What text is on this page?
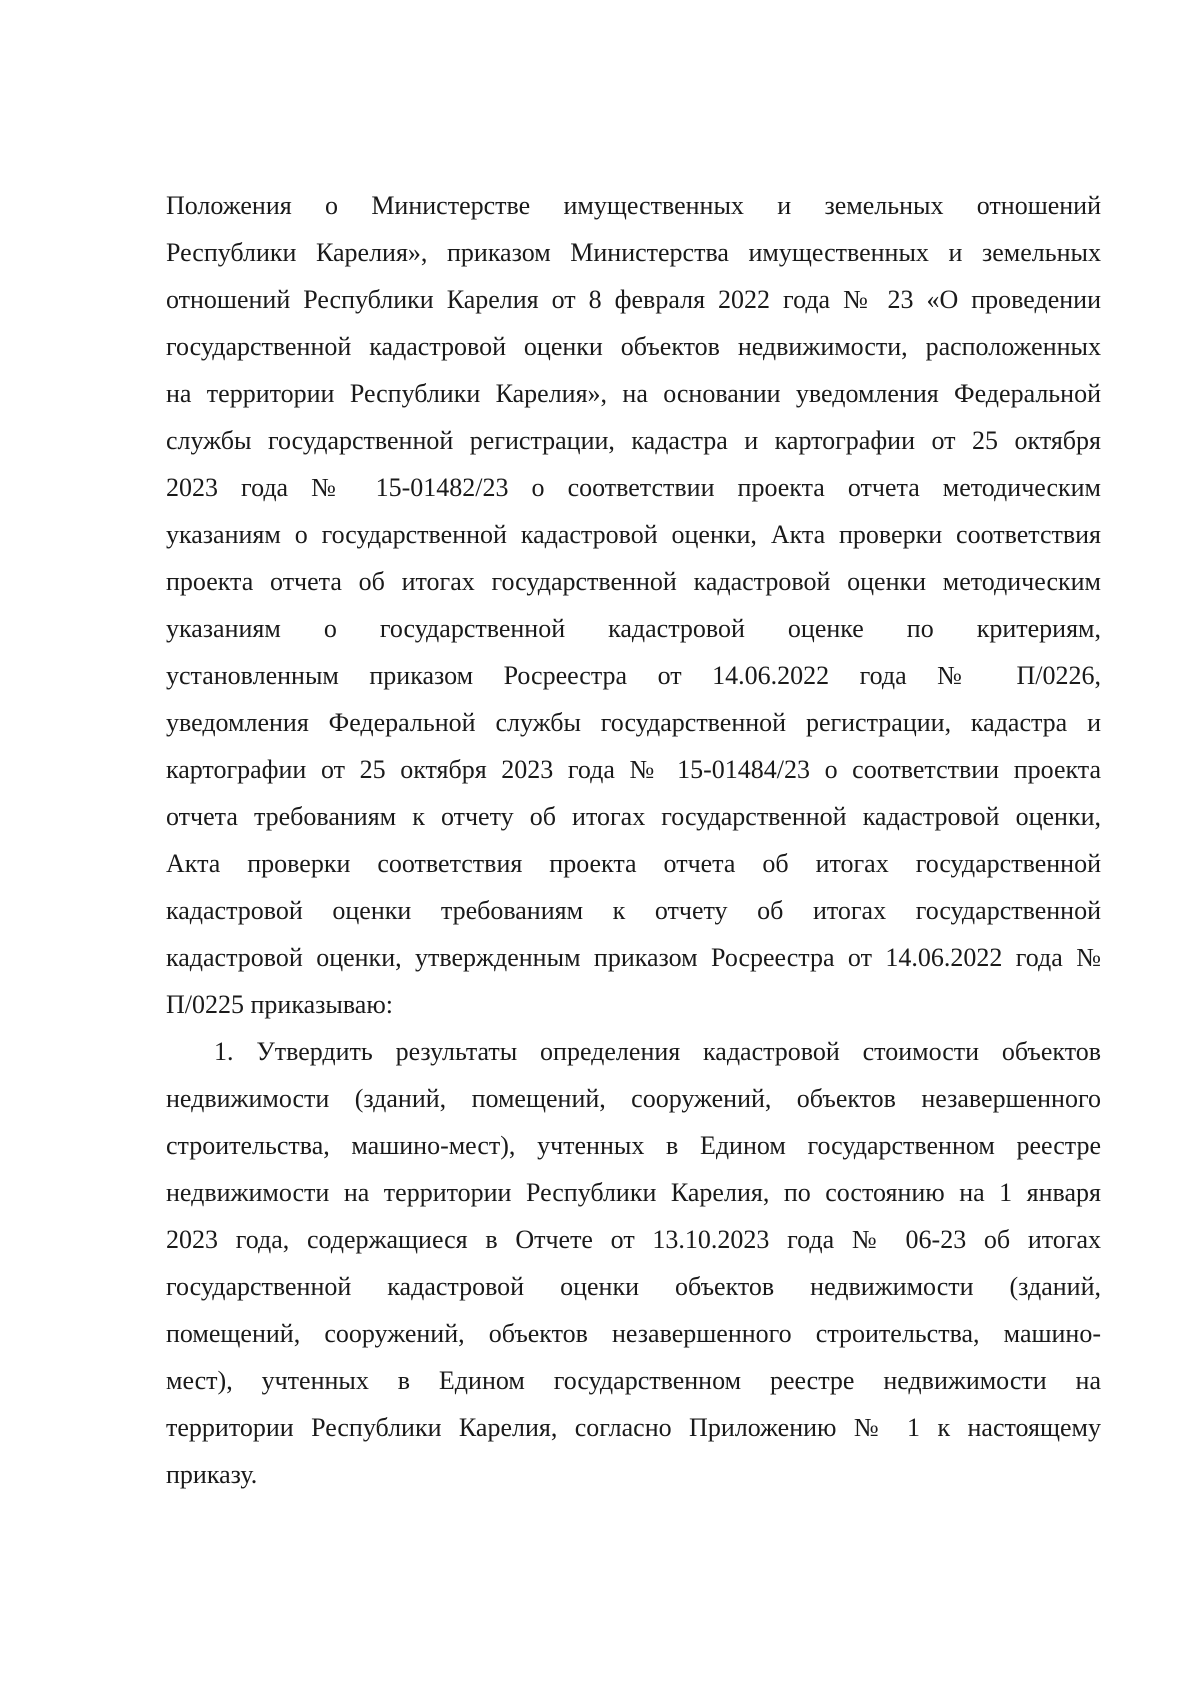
Положения о Министерстве имущественных и земельных отношений
Республики Карелия», приказом Министерства имущественных и земельных
отношений Республики Карелия от 8 февраля 2022 года № 23 «О проведении
государственной кадастровой оценки объектов недвижимости, расположенных
на территории Республики Карелия», на основании уведомления Федеральной
службы государственной регистрации, кадастра и картографии от 25 октября
2023 года № 15-01482/23 о соответствии проекта отчета методическим
указаниям о государственной кадастровой оценки, Акта проверки соответствия
проекта отчета об итогах государственной кадастровой оценки методическим
указаниям о государственной кадастровой оценке по критериям,
установленным приказом Росреестра от 14.06.2022 года № П/0226,
уведомления Федеральной службы государственной регистрации, кадастра и
картографии от 25 октября 2023 года № 15-01484/23 о соответствии проекта
отчета требованиям к отчету об итогах государственной кадастровой оценки,
Акта проверки соответствия проекта отчета об итогах государственной
кадастровой оценки требованиям к отчету об итогах государственной
кадастровой оценки, утвержденным приказом Росреестра от 14.06.2022 года №
П/0225 приказываю:
1. Утвердить результаты определения кадастровой стоимости объектов
недвижимости (зданий, помещений, сооружений, объектов незавершенного
строительства, машино-мест), учтенных в Едином государственном реестре
недвижимости на территории Республики Карелия, по состоянию на 1 января
2023 года, содержащиеся в Отчете от 13.10.2023 года № 06-23 об итогах
государственной кадастровой оценки объектов недвижимости (зданий,
помещений, сооружений, объектов незавершенного строительства, машино-
мест), учтенных в Едином государственном реестре недвижимости на
территории Республики Карелия, согласно Приложению № 1 к настоящему
приказу.
